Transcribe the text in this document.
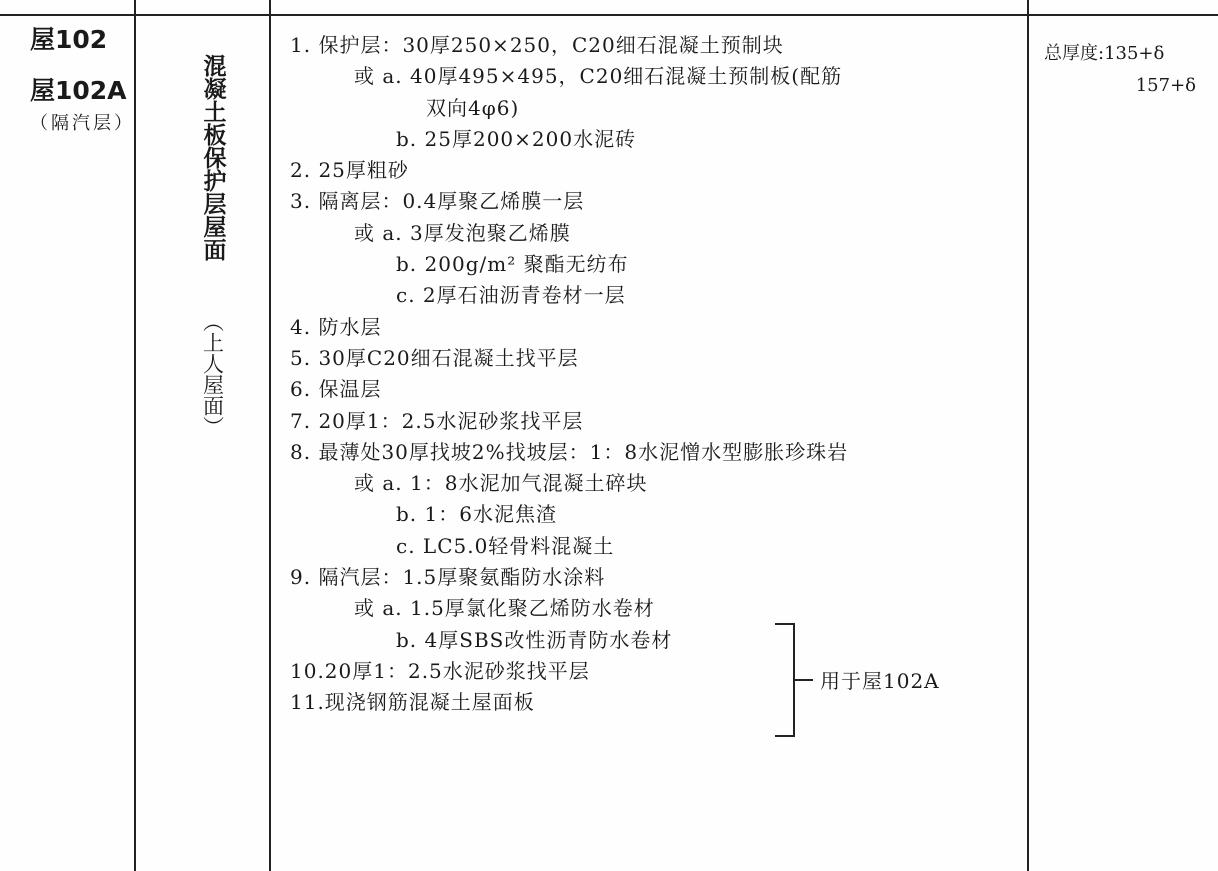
屋102
屋102A
（隔汽层）	混凝土板保护层屋面
（上人屋面）
1. 保护层：30厚250×250，C20细石混凝土预制块
或 a. 40厚495×495，C20细石混凝土预制板(配筋
双向4φ6)
b. 25厚200×200水泥砖
2. 25厚粗砂
3. 隔离层：0.4厚聚乙烯膜一层
或 a. 3厚发泡聚乙烯膜
b. 200g/m² 聚酯无纺布
c. 2厚石油沥青卷材一层
4. 防水层
5. 30厚C20细石混凝土找平层
6. 保温层
7. 20厚1：2.5水泥砂浆找平层
8. 最薄处30厚找坡2%找坡层：1：8水泥憎水型膨胀珍珠岩
或 a. 1：8水泥加气混凝土碎块
b. 1：6水泥焦渣
c. LC5.0轻骨料混凝土
9. 隔汽层：1.5厚聚氨酯防水涂料
或 a. 1.5厚氯化聚乙烯防水卷材
b. 4厚SBS改性沥青防水卷材
10.20厚1：2.5水泥砂浆找平层
11.现浇钢筋混凝土屋面板
用于屋102A
总厚度:135+δ
157+δ
